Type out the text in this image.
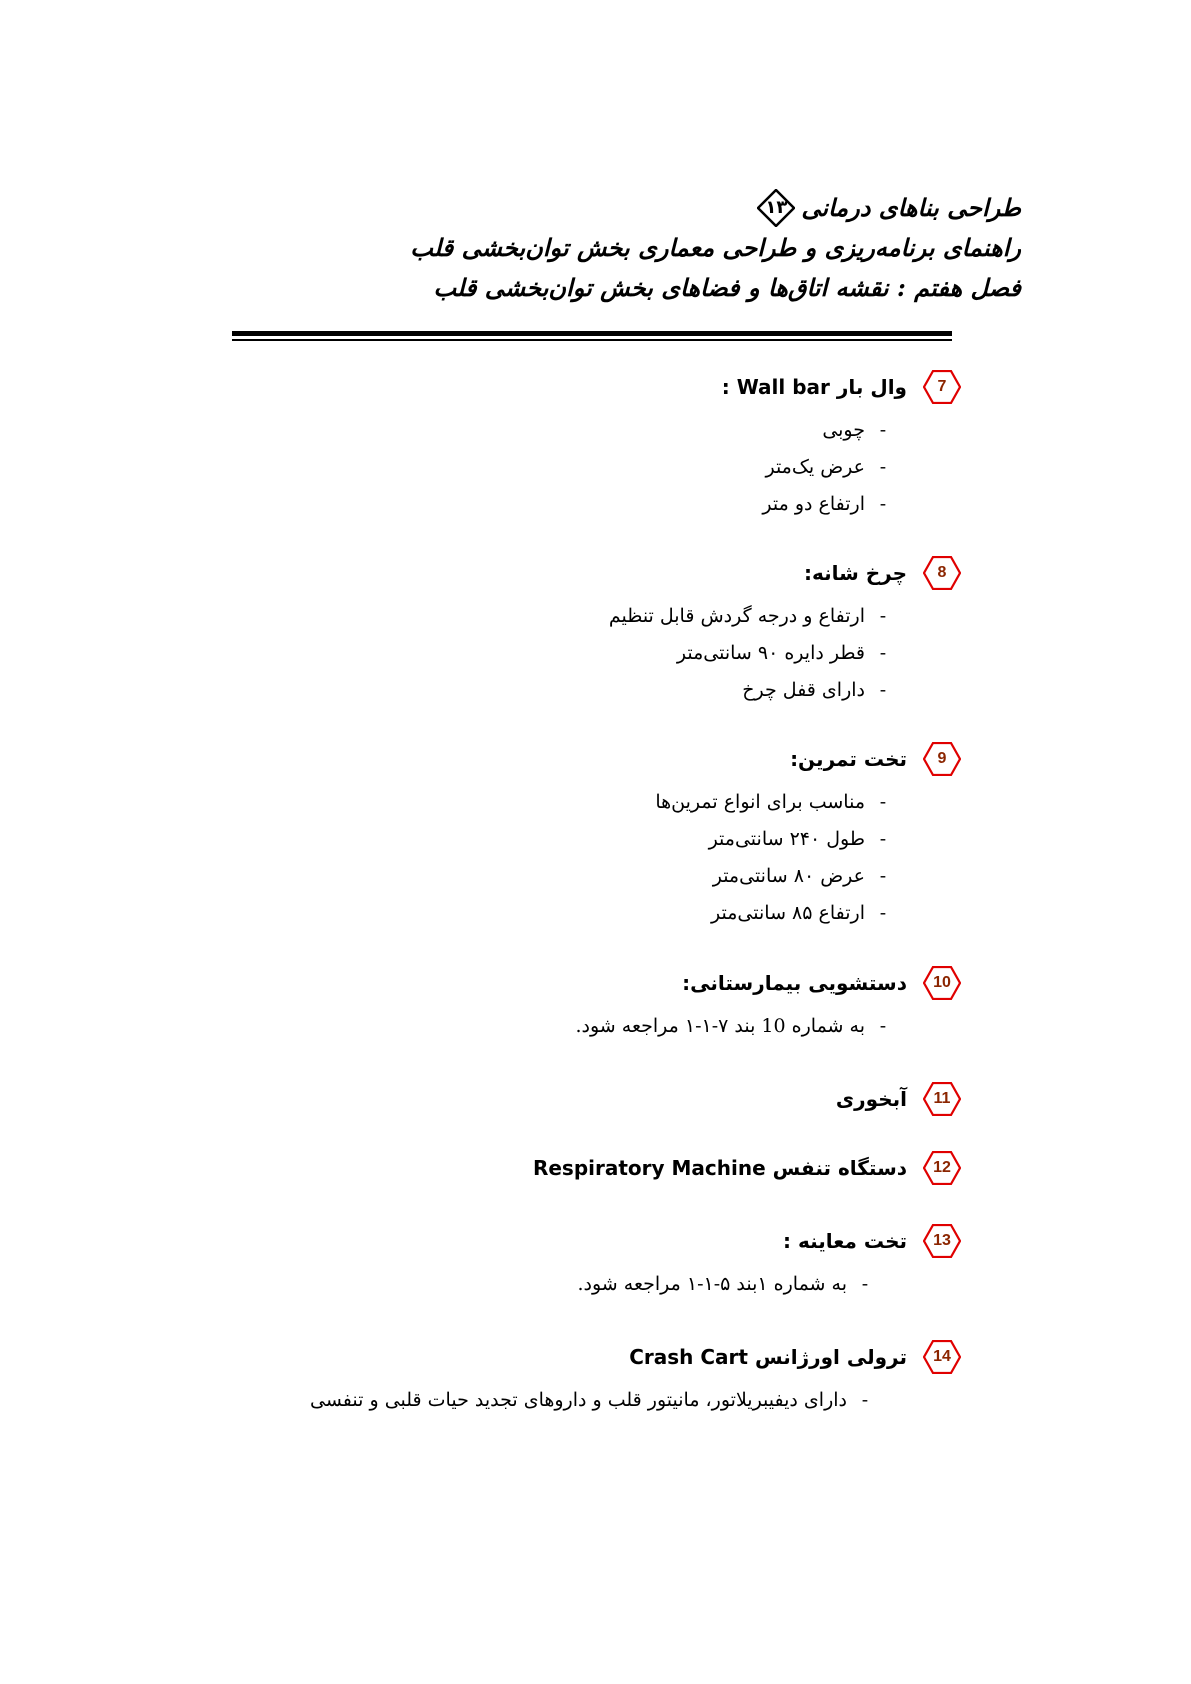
طراحی بناهای درمانی
۱۳
راهنمای برنامه‌ریزی و طراحی معماری بخش توان‌بخشی قلب
فصل هفتم : نقشه اتاق‌ها و فضاهای بخش توان‌بخشی قلب
7
وال بار Wall bar :
-چوبی
-عرض یک‌متر
-ارتفاع دو متر
8
چرخ شانه:
-ارتفاع و درجه گردش قابل تنظیم
-قطر دایره ۹۰ سانتی‌متر
-دارای قفل چرخ
9
تخت تمرین:
-مناسب برای انواع تمرین‌ها
-طول ۲۴۰ سانتی‌متر
-عرض ۸۰ سانتی‌متر
-ارتفاع ۸۵ سانتی‌متر
10
دستشویی بیمارستانی:
-به شماره 10 بند ۷-۱-۱ مراجعه شود.
11
آبخوری
12
دستگاه تنفس Respiratory Machine
13
تخت معاینه :
-به شماره ۱بند ۵-۱-۱ مراجعه شود.
14
ترولی اورژانس Crash Cart
-دارای دیفیبریلاتور، مانیتور قلب و داروهای تجدید حیات قلبی و تنفسی
